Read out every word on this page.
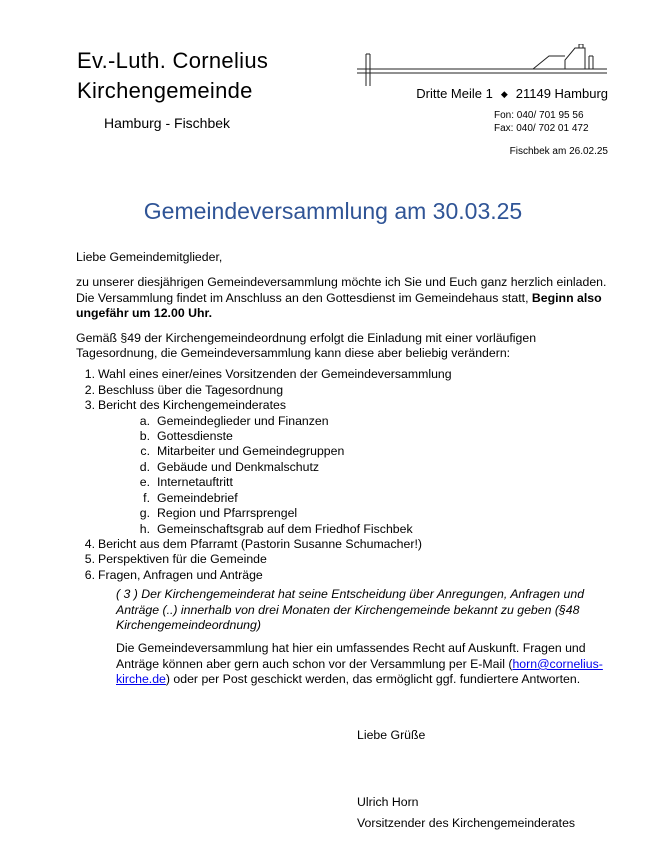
Ev.-Luth. Cornelius
Kirchengemeinde
Hamburg - Fischbek
Dritte Meile 1 ◆ 21149 Hamburg
Fon: 040/ 701 95 56
Fax: 040/ 702 01 472
Fischbek am 26.02.25
Gemeindeversammlung am 30.03.25

Liebe Gemeindemitglieder,

zu unserer diesjährigen Gemeindeversammlung möchte ich Sie und Euch ganz herzlich einladen. Die Versammlung findet im Anschluss an den Gottesdienst im Gemeindehaus statt, Beginn also ungefähr um 12.00 Uhr.

Gemäß §49 der Kirchengemeindeordnung erfolgt die Einladung mit einer vorläufigen Tagesordnung, die Gemeindeversammlung kann diese aber beliebig verändern:

1. Wahl eines einer/eines Vorsitzenden der Gemeindeversammlung
2. Beschluss über die Tagesordnung
3. Bericht des Kirchengemeinderates
a. Gemeindeglieder und Finanzen
b. Gottesdienste
c. Mitarbeiter und Gemeindegruppen
d. Gebäude und Denkmalschutz
e. Internetauftritt
f. Gemeindebrief
g. Region und Pfarrsprengel
h. Gemeinschaftsgrab auf dem Friedhof Fischbek
4. Bericht aus dem Pfarramt (Pastorin Susanne Schumacher!)
5. Perspektiven für die Gemeinde
6. Fragen, Anfragen und Anträge

( 3 ) Der Kirchengemeinderat hat seine Entscheidung über Anregungen, Anfragen und Anträge (..) innerhalb von drei Monaten der Kirchengemeinde bekannt zu geben (§48 Kirchengemeindeordnung)

Die Gemeindeversammlung hat hier ein umfassendes Recht auf Auskunft. Fragen und Anträge können aber gern auch schon vor der Versammlung per E-Mail (horn@cornelius-kirche.de) oder per Post geschickt werden, das ermöglicht ggf. fundiertere Antworten.

Liebe Grüße
Ulrich Horn
Vorsitzender des Kirchengemeinderates
